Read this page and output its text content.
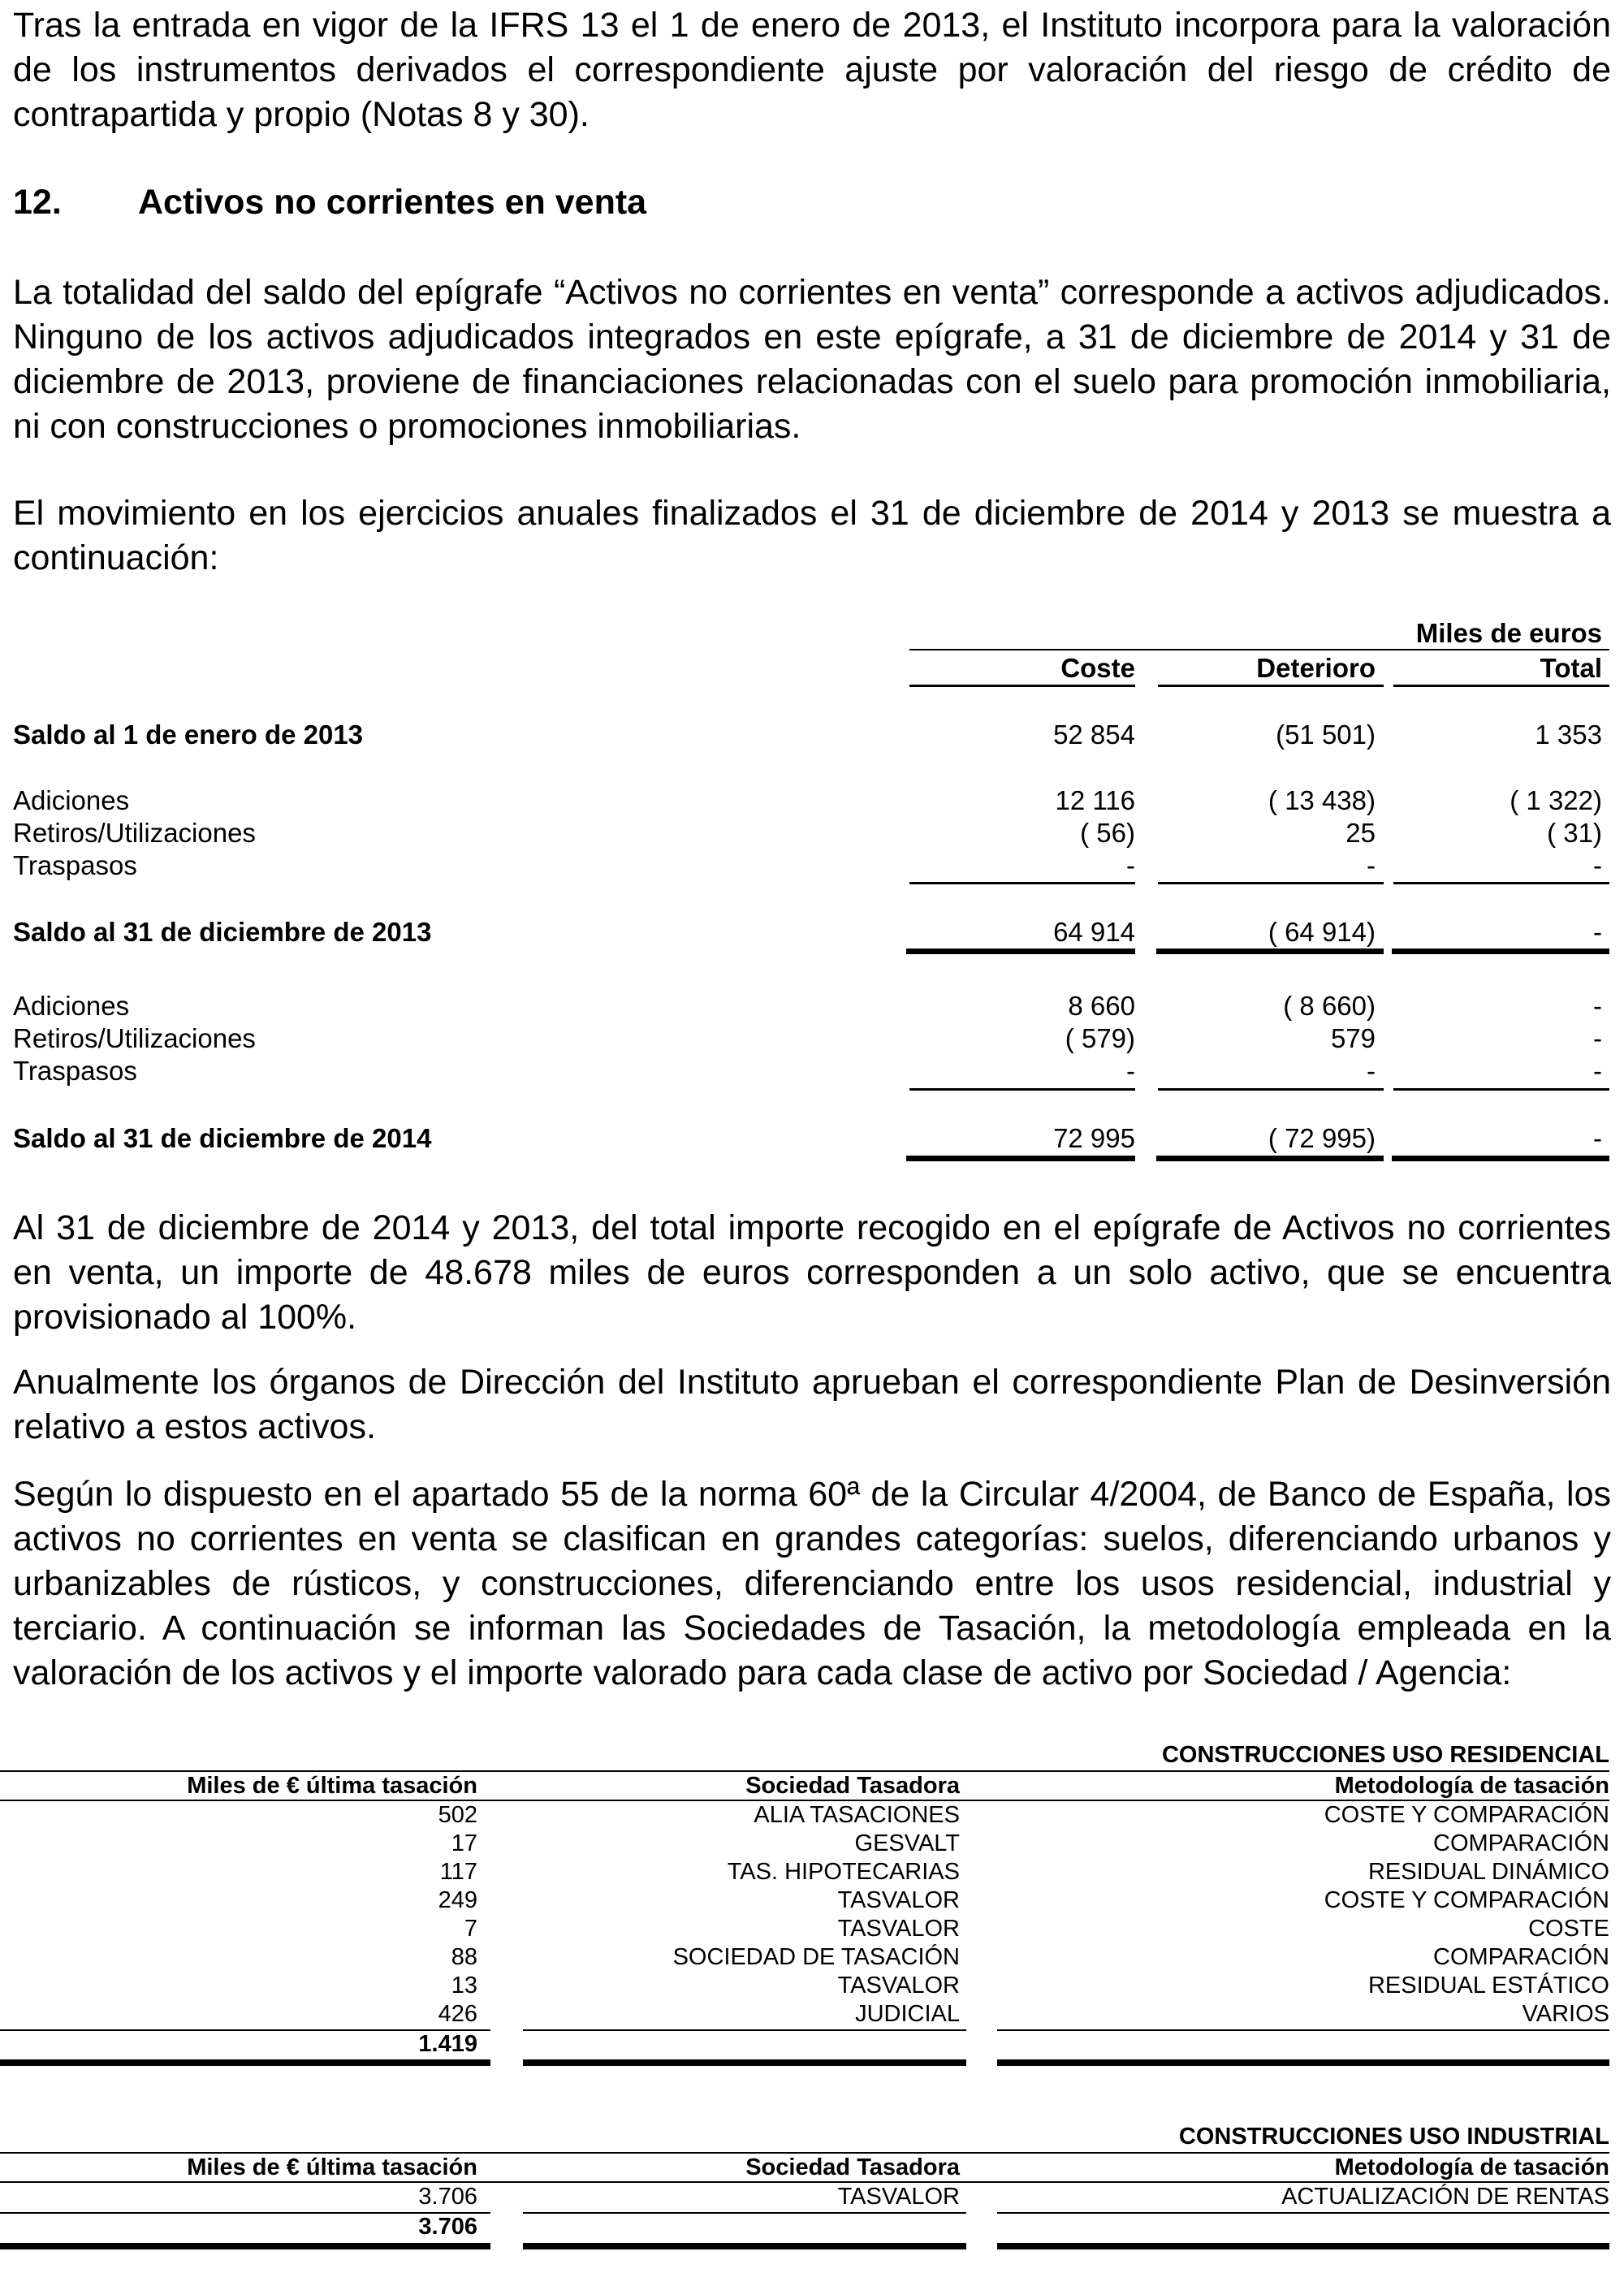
Tras la entrada en vigor de la IFRS 13 el 1 de enero de 2013, el Instituto incorpora para la valoración de los instrumentos derivados el correspondiente ajuste por valoración del riesgo de crédito de contrapartida y propio (Notas 8 y 30).

12. Activos no corrientes en venta

La totalidad del saldo del epígrafe “Activos no corrientes en venta” corresponde a activos adjudicados. Ninguno de los activos adjudicados integrados en este epígrafe, a 31 de diciembre de 2014 y 31 de diciembre de 2013, proviene de financiaciones relacionadas con el suelo para promoción inmobiliaria, ni con construcciones o promociones inmobiliarias.

El movimiento en los ejercicios anuales finalizados el 31 de diciembre de 2014 y 2013 se muestra a continuación:

Miles de euros
Coste	Deterioro	Total
Saldo al 1 de enero de 2013	52 854	(51 501)	1 353
Adiciones	12 116	( 13 438)	( 1 322)
Retiros/Utilizaciones	( 56)	25	( 31)
Traspasos	-	-	-
Saldo al 31 de diciembre de 2013	64 914	( 64 914)	-
Adiciones	8 660	( 8 660)	-
Retiros/Utilizaciones	( 579)	579	-
Traspasos	-	-	-
Saldo al 31 de diciembre de 2014	72 995	( 72 995)	-

Al 31 de diciembre de 2014 y 2013, del total importe recogido en el epígrafe de Activos no corrientes en venta, un importe de 48.678 miles de euros corresponden a un solo activo, que se encuentra provisionado al 100%.

Anualmente los órganos de Dirección del Instituto aprueban el correspondiente Plan de Desinversión relativo a estos activos.

Según lo dispuesto en el apartado 55 de la norma 60ª de la Circular 4/2004, de Banco de España, los activos no corrientes en venta se clasifican en grandes categorías: suelos, diferenciando urbanos y urbanizables de rústicos, y construcciones, diferenciando entre los usos residencial, industrial y terciario. A continuación se informan las Sociedades de Tasación, la metodología empleada en la valoración de los activos y el importe valorado para cada clase de activo por Sociedad / Agencia:

CONSTRUCCIONES USO RESIDENCIAL
Miles de € última tasación	Sociedad Tasadora	Metodología de tasación
502	ALIA TASACIONES	COSTE Y COMPARACIÓN
17	GESVALT	COMPARACIÓN
117	TAS. HIPOTECARIAS	RESIDUAL DINÁMICO
249	TASVALOR	COSTE Y COMPARACIÓN
7	TASVALOR	COSTE
88	SOCIEDAD DE TASACIÓN	COMPARACIÓN
13	TASVALOR	RESIDUAL ESTÁTICO
426	JUDICIAL	VARIOS
1.419
CONSTRUCCIONES USO INDUSTRIAL
Miles de € última tasación	Sociedad Tasadora	Metodología de tasación
3.706	TASVALOR	ACTUALIZACIÓN DE RENTAS
3.706
